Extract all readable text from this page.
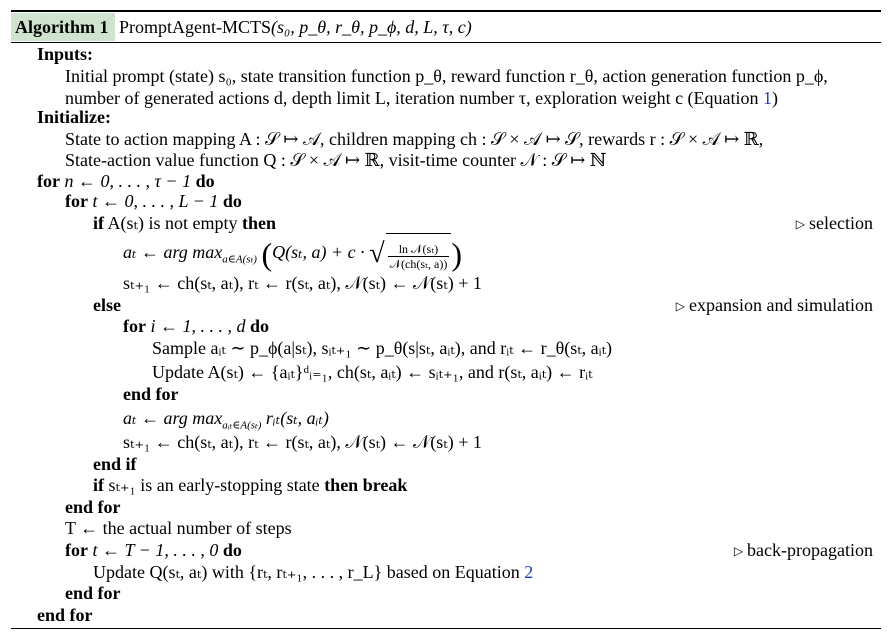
Algorithm 1 PromptAgent-MCTS(s₀, p_θ, r_θ, p_ϕ, d, L, τ, c)
Inputs:
Initial prompt (state) s₀, state transition function p_θ, reward function r_θ, action generation function p_ϕ,
number of generated actions d, depth limit L, iteration number τ, exploration weight c (Equation 1)
Initialize:
State to action mapping A : 𝒮 ↦ 𝒜, children mapping ch : 𝒮 × 𝒜 ↦ 𝒮, rewards r : 𝒮 × 𝒜 ↦ ℝ,
State-action value function Q : 𝒮 × 𝒜 ↦ ℝ, visit-time counter 𝒩 : 𝒮 ↦ ℕ
for n ← 0, . . . , τ − 1 do
for t ← 0, . . . , L − 1 do
if A(sₜ) is not empty then	▷ selection
aₜ ← arg $\max_{a\in A(s_t)} (Q(s_t$, a) + c · √ $\frac{\text{ln 𝒩(sₜ)}}{\text{𝒩(ch(sₜ, a))}}$ )
sₜ₊₁ ← ch(sₜ, aₜ), rₜ ← r(sₜ, aₜ), 𝒩(sₜ) ← 𝒩(sₜ) + 1
else	▷ expansion and simulation
for i ← 1, . . . , d do
Sample aᵢₜ ∼ p_ϕ(a|sₜ), sᵢₜ₊₁ ∼ p_θ(s|sₜ, aᵢₜ), and rᵢₜ ← r_θ(sₜ, aᵢₜ)
Update A(sₜ) ← {aᵢₜ}ᵈᵢ₌₁, ch(sₜ, aᵢₜ) ← sᵢₜ₊₁, and r(sₜ, aᵢₜ) ← rᵢₜ
end for
aₜ ← arg $\max_{aᵢ_t\in A(s_t)}$ rᵢₜ(sₜ, aᵢₜ)
sₜ₊₁ ← ch(sₜ, aₜ), rₜ ← r(sₜ, aₜ), 𝒩(sₜ) ← 𝒩(sₜ) + 1
end if
if sₜ₊₁ is an early-stopping state then break
end for
T ← the actual number of steps
for t ← T − 1, . . . , 0 do	▷ back-propagation
Update Q(sₜ, aₜ) with {rₜ, rₜ₊₁, . . . , r_L} based on Equation 2
end for
end for
